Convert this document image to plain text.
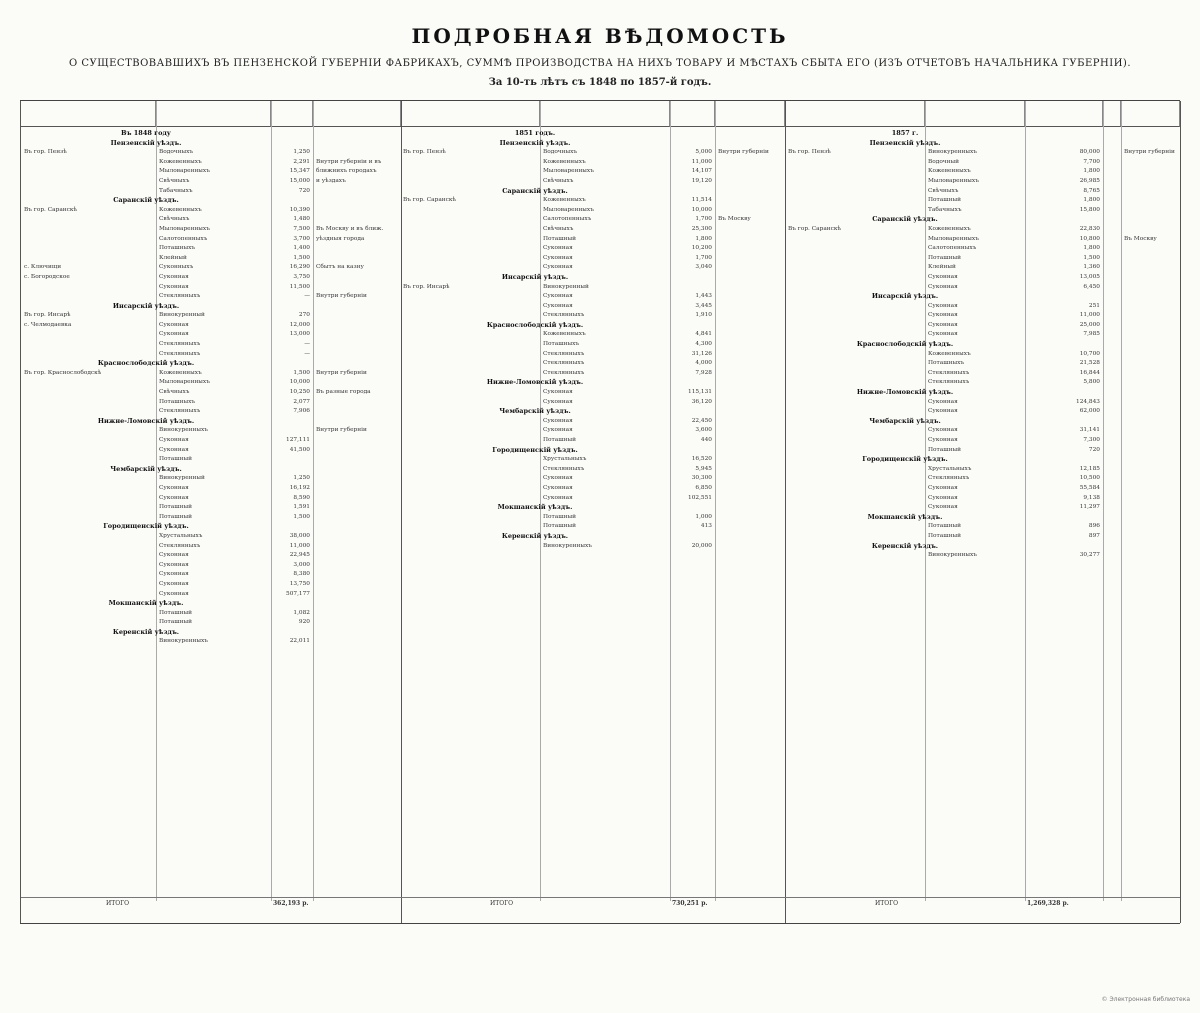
ПОДРОБНАЯ ВѢДОМОСТЬ
О СУЩЕСТВОВАВШИХЪ ВЪ ПЕНЗЕНСКОЙ ГУБЕРНІИ ФАБРИКАХЪ, СУММѢ ПРОИЗВОДСТВА НА НИХЪ ТОВАРУ И МѢСТАХЪ СБЫТА ЕГО (ИЗЪ ОТЧЕТОВЪ НАЧАЛЬНИКА ГУБЕРНІИ).
За 10-ть лѣтъ съ 1848 по 1857-й годъ.
Въ 1848 году
Пензенскій уѣздъ.
Въ гор. Пензѣ	Водочныхъ	1,250
Кожевенныхъ	2,291 Внутри губерніи и въ
Мыловаренныхъ	15,347 ближнихъ городахъ
Свѣчныхъ	15,000 и уѣздахъ
Табачныхъ	720
Саранскій уѣздъ.
Въ гор. Саранскѣ	Кожевенныхъ	10,390
Свѣчныхъ	1,480
Мыловаренныхъ	7,500 Въ Москву и въ ближ.
Салотопенныхъ	3,700 уѣздныя города
Поташныхъ	1,400
Клейный	1,500
с. Ключищи	Суконныхъ	16,290 Сбытъ на казну
с. Богородское	Суконная	3,750
Суконная	11,500
Стеклянныхъ	— Внутри губерніи
Инсарскій уѣздъ.
Въ гор. Инсарѣ	Винокуренный	270
с. Челмодаевка	Суконная	12,000
Суконная	13,000
Стеклянныхъ	—
Стеклянныхъ	—
Краснослободскій уѣздъ.
Въ гор. Краснослободскѣ	Кожевенныхъ	1,500 Внутри губерніи
Мыловаренныхъ	10,000
Свѣчныхъ	10,250 Въ разные города
Поташныхъ	2,077
Стеклянныхъ	7,906
Нижне-Ломовскій уѣздъ.
Винокуренныхъ	Внутри губерніи
Суконная	127,111
Суконная	41,500
Поташный
Чембарскій уѣздъ.
Винокуренный	1,250
Суконная	16,192
Суконная	8,590
Поташный	1,591
Поташный	1,500
Городищенскій уѣздъ.
Хрустальныхъ	38,000
Стеклянныхъ	11,000
Суконная	22,945
Суконная	3,000
Суконная	8,380
Суконная	13,750
Суконная	507,177
Мокшанскій уѣздъ.
Поташный	1,082
Поташный	920
Керенскій уѣздъ.
Винокуренныхъ	22,011
ИТОГО	362,193 р.
1851 годъ.
Пензенскій уѣздъ.
Въ гор. Пензѣ	Водочныхъ	5,000 Внутри губерніи
Кожевенныхъ	11,000
Мыловаренныхъ	14,107
Свѣчныхъ	19,120
Саранскій уѣздъ.
Въ гор. Саранскѣ	Кожевенныхъ	11,514
Мыловаренныхъ	10,000
Салотопенныхъ	1,700 Въ Москву
Свѣчныхъ	25,300
Поташный	1,800
Суконная	10,200
Суконная	1,700
Суконная	3,040
Инсарскій уѣздъ.
Въ гор. Инсарѣ	Винокуренный
Суконная	1,443
Суконная	3,445
Стеклянныхъ	1,910
Краснослободскій уѣздъ.
Кожевенныхъ	4,841
Поташныхъ	4,300
Стеклянныхъ	31,126
Стеклянныхъ	4,000
Стеклянныхъ	7,928
Нижне-Ломовскій уѣздъ.
Суконная	115,131
Суконная	36,120
Чембарскій уѣздъ.
Суконная	22,450
Суконная	3,600
Поташный	440
Городищенскій уѣздъ.
Хрустальныхъ	16,520
Стеклянныхъ	5,945
Суконная	30,300
Суконная	6,850
Суконная	102,551
Мокшанскій уѣздъ.
Поташный	1,000
Поташный	413
Керенскій уѣздъ.
Винокуренныхъ	20,000
ИТОГО	730,251 р.
1857 г.
Пензенскій уѣздъ.
Въ гор. Пензѣ	Винокуренныхъ	80,000	Внутри губерніи
Водочный	7,700
Кожевенныхъ	1,800
Мыловаренныхъ	26,985
Свѣчныхъ	8,765
Поташный	1,800
Табачныхъ	15,800
Саранскій уѣздъ.
Въ гор. Саранскѣ	Кожевенныхъ	22,830
Мыловаренныхъ	10,800	Въ Москву
Салотопенныхъ	1,800
Поташный	1,500
Клейный	1,360
Суконная	13,005
Суконная	6,450
Инсарскій уѣздъ.
Суконная	251
Суконная	11,000
Суконная	25,000
Суконная	7,985
Краснослободскій уѣздъ.
Кожевенныхъ	10,700
Поташныхъ	21,528
Стеклянныхъ	16,844
Стеклянныхъ	5,800
Нижне-Ломовскій уѣздъ.
Суконная	124,843
Суконная	62,000
Чембарскій уѣздъ.
Суконная	31,141
Суконная	7,300
Поташный	720
Городищенскій уѣздъ.
Хрустальныхъ	12,185
Стеклянныхъ	10,500
Суконная	55,584
Суконная	9,138
Суконная	11,297
Мокшанскій уѣздъ.
Поташный	896
Поташный	897
Керенскій уѣздъ.
Винокуренныхъ	30,277
ИТОГО	1,269,328 р.
© Электронная библиотека
